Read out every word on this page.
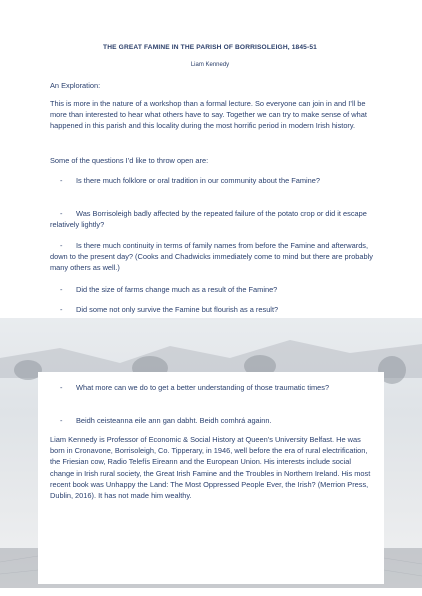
THE GREAT FAMINE IN THE PARISH OF BORRISOLEIGH, 1845-51
Liam Kennedy
An Exploration:
This is more in the nature of a workshop than a formal lecture. So everyone can join in and I’ll be more than interested to hear what others have to say. Together we can try to make sense of what happened in this parish and this locality during the most horrific period in modern Irish history.
Some of the questions I’d like to throw open are:
-	Is there much folklore or oral tradition in our community about the Famine?
-	Was Borrisoleigh badly affected by the repeated failure of the potato crop or did it escape relatively lightly?
-	Is there much continuity in terms of family names from before the Famine and afterwards, down to the present day? (Cooks and Chadwicks immediately come to mind but there are probably many others as well.)
-	Did the size of farms change much as a result of the Famine?
-	Did some not only survive the Famine but flourish as a result?
-	What more can we do to get a better understanding of those traumatic times?
-	Beidh ceisteanna eile ann gan dabht. Beidh comhrá againn.
Liam Kennedy is Professor of Economic & Social History at Queen’s University Belfast. He was born in Cronavone, Borrisoleigh, Co. Tipperary, in 1946, well before the era of rural electrification, the Friesian cow, Radio Telefís Eireann and the European Union. His interests include social change in Irish rural society, the Great Irish Famine and the Troubles in Northern Ireland. His most recent book was Unhappy the Land: The Most Oppressed People Ever, the Irish? (Merrion Press, Dublin, 2016). It has not made him wealthy.
